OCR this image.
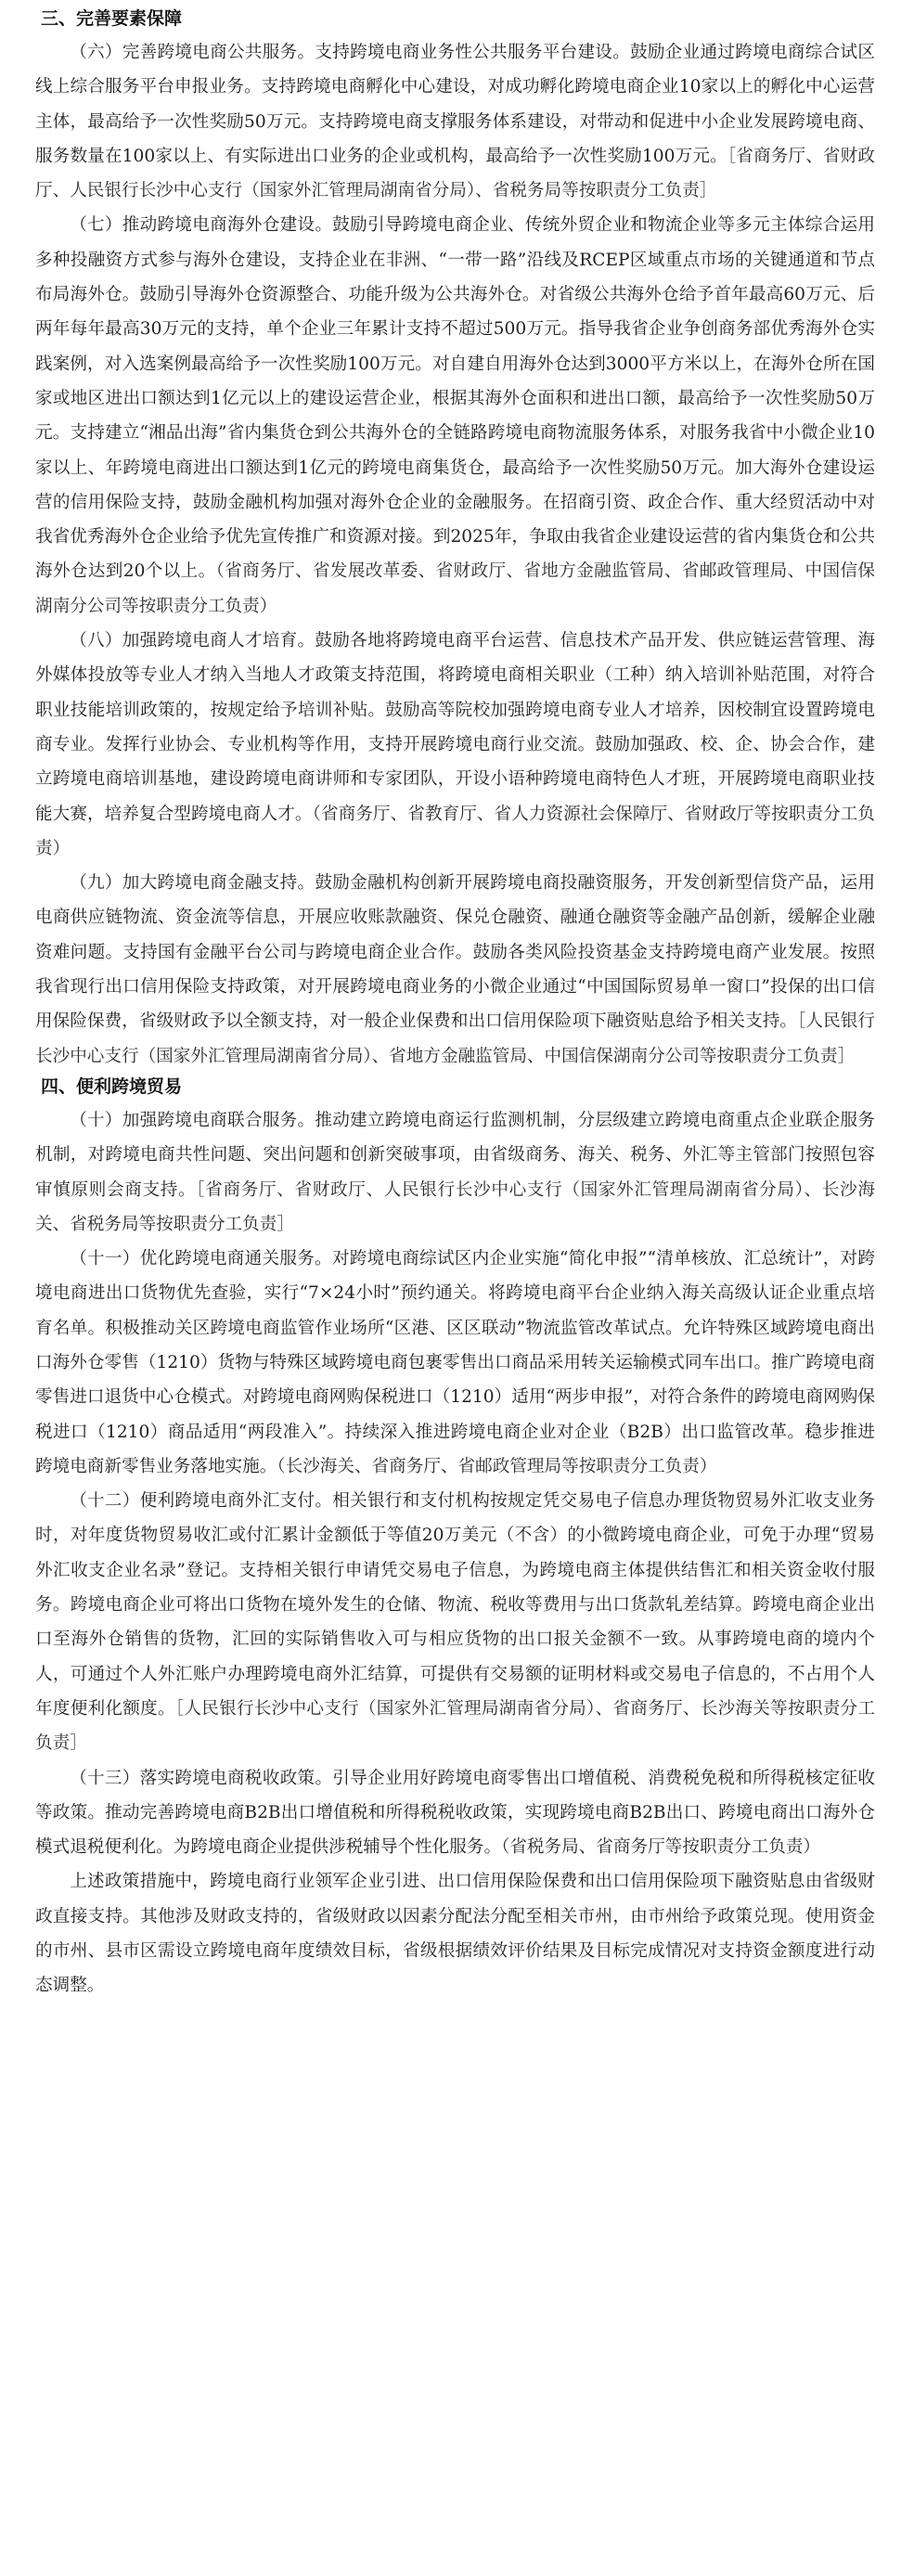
三、完善要素保障

（六）完善跨境电商公共服务。支持跨境电商业务性公共服务平台建设。鼓励企业通过跨境电商综合试区线上综合服务平台申报业务。支持跨境电商孵化中心建设，对成功孵化跨境电商企业10家以上的孵化中心运营主体，最高给予一次性奖励50万元。支持跨境电商支撑服务体系建设，对带动和促进中小企业发展跨境电商、服务数量在100家以上、有实际进出口业务的企业或机构，最高给予一次性奖励100万元。［省商务厅、省财政厅、人民银行长沙中心支行（国家外汇管理局湖南省分局）、省税务局等按职责分工负责］

（七）推动跨境电商海外仓建设。鼓励引导跨境电商企业、传统外贸企业和物流企业等多元主体综合运用多种投融资方式参与海外仓建设，支持企业在非洲、“一带一路”沿线及RCEP区域重点市场的关键通道和节点布局海外仓。鼓励引导海外仓资源整合、功能升级为公共海外仓。对省级公共海外仓给予首年最高60万元、后两年每年最高30万元的支持，单个企业三年累计支持不超过500万元。指导我省企业争创商务部优秀海外仓实践案例，对入选案例最高给予一次性奖励100万元。对自建自用海外仓达到3000平方米以上，在海外仓所在国家或地区进出口额达到1亿元以上的建设运营企业，根据其海外仓面积和进出口额，最高给予一次性奖励50万元。支持建立“湘品出海”省内集货仓到公共海外仓的全链路跨境电商物流服务体系，对服务我省中小微企业10家以上、年跨境电商进出口额达到1亿元的跨境电商集货仓，最高给予一次性奖励50万元。加大海外仓建设运营的信用保险支持，鼓励金融机构加强对海外仓企业的金融服务。在招商引资、政企合作、重大经贸活动中对我省优秀海外仓企业给予优先宣传推广和资源对接。到2025年，争取由我省企业建设运营的省内集货仓和公共海外仓达到20个以上。（省商务厅、省发展改革委、省财政厅、省地方金融监管局、省邮政管理局、中国信保湖南分公司等按职责分工负责）

（八）加强跨境电商人才培育。鼓励各地将跨境电商平台运营、信息技术产品开发、供应链运营管理、海外媒体投放等专业人才纳入当地人才政策支持范围，将跨境电商相关职业（工种）纳入培训补贴范围，对符合职业技能培训政策的，按规定给予培训补贴。鼓励高等院校加强跨境电商专业人才培养，因校制宜设置跨境电商专业。发挥行业协会、专业机构等作用，支持开展跨境电商行业交流。鼓励加强政、校、企、协会合作，建立跨境电商培训基地，建设跨境电商讲师和专家团队，开设小语种跨境电商特色人才班，开展跨境电商职业技能大赛，培养复合型跨境电商人才。（省商务厅、省教育厅、省人力资源社会保障厅、省财政厅等按职责分工负责）

（九）加大跨境电商金融支持。鼓励金融机构创新开展跨境电商投融资服务，开发创新型信贷产品，运用电商供应链物流、资金流等信息，开展应收账款融资、保兑仓融资、融通仓融资等金融产品创新，缓解企业融资难问题。支持国有金融平台公司与跨境电商企业合作。鼓励各类风险投资基金支持跨境电商产业发展。按照我省现行出口信用保险支持政策，对开展跨境电商业务的小微企业通过“中国国际贸易单一窗口”投保的出口信用保险保费，省级财政予以全额支持，对一般企业保费和出口信用保险项下融资贴息给予相关支持。［人民银行长沙中心支行（国家外汇管理局湖南省分局）、省地方金融监管局、中国信保湖南分公司等按职责分工负责］

四、便利跨境贸易

（十）加强跨境电商联合服务。推动建立跨境电商运行监测机制，分层级建立跨境电商重点企业联企服务机制，对跨境电商共性问题、突出问题和创新突破事项，由省级商务、海关、税务、外汇等主管部门按照包容审慎原则会商支持。［省商务厅、省财政厅、人民银行长沙中心支行（国家外汇管理局湖南省分局）、长沙海关、省税务局等按职责分工负责］

（十一）优化跨境电商通关服务。对跨境电商综试区内企业实施“简化申报”“清单核放、汇总统计”，对跨境电商进出口货物优先查验，实行“7×24小时”预约通关。将跨境电商平台企业纳入海关高级认证企业重点培育名单。积极推动关区跨境电商监管作业场所“区港、区区联动”物流监管改革试点。允许特殊区域跨境电商出口海外仓零售（1210）货物与特殊区域跨境电商包裹零售出口商品采用转关运输模式同车出口。推广跨境电商零售进口退货中心仓模式。对跨境电商网购保税进口（1210）适用“两步申报”，对符合条件的跨境电商网购保税进口（1210）商品适用“两段准入”。持续深入推进跨境电商企业对企业（B2B）出口监管改革。稳步推进跨境电商新零售业务落地实施。（长沙海关、省商务厅、省邮政管理局等按职责分工负责）

（十二）便利跨境电商外汇支付。相关银行和支付机构按规定凭交易电子信息办理货物贸易外汇收支业务时，对年度货物贸易收汇或付汇累计金额低于等值20万美元（不含）的小微跨境电商企业，可免于办理“贸易外汇收支企业名录”登记。支持相关银行申请凭交易电子信息，为跨境电商主体提供结售汇和相关资金收付服务。跨境电商企业可将出口货物在境外发生的仓储、物流、税收等费用与出口货款轧差结算。跨境电商企业出口至海外仓销售的货物，汇回的实际销售收入可与相应货物的出口报关金额不一致。从事跨境电商的境内个人，可通过个人外汇账户办理跨境电商外汇结算，可提供有交易额的证明材料或交易电子信息的，不占用个人年度便利化额度。［人民银行长沙中心支行（国家外汇管理局湖南省分局）、省商务厅、长沙海关等按职责分工负责］

（十三）落实跨境电商税收政策。引导企业用好跨境电商零售出口增值税、消费税免税和所得税核定征收等政策。推动完善跨境电商B2B出口增值税和所得税税收政策，实现跨境电商B2B出口、跨境电商出口海外仓模式退税便利化。为跨境电商企业提供涉税辅导个性化服务。（省税务局、省商务厅等按职责分工负责）

上述政策措施中，跨境电商行业领军企业引进、出口信用保险保费和出口信用保险项下融资贴息由省级财政直接支持。其他涉及财政支持的，省级财政以因素分配法分配至相关市州，由市州给予政策兑现。使用资金的市州、县市区需设立跨境电商年度绩效目标，省级根据绩效评价结果及目标完成情况对支持资金额度进行动态调整。
